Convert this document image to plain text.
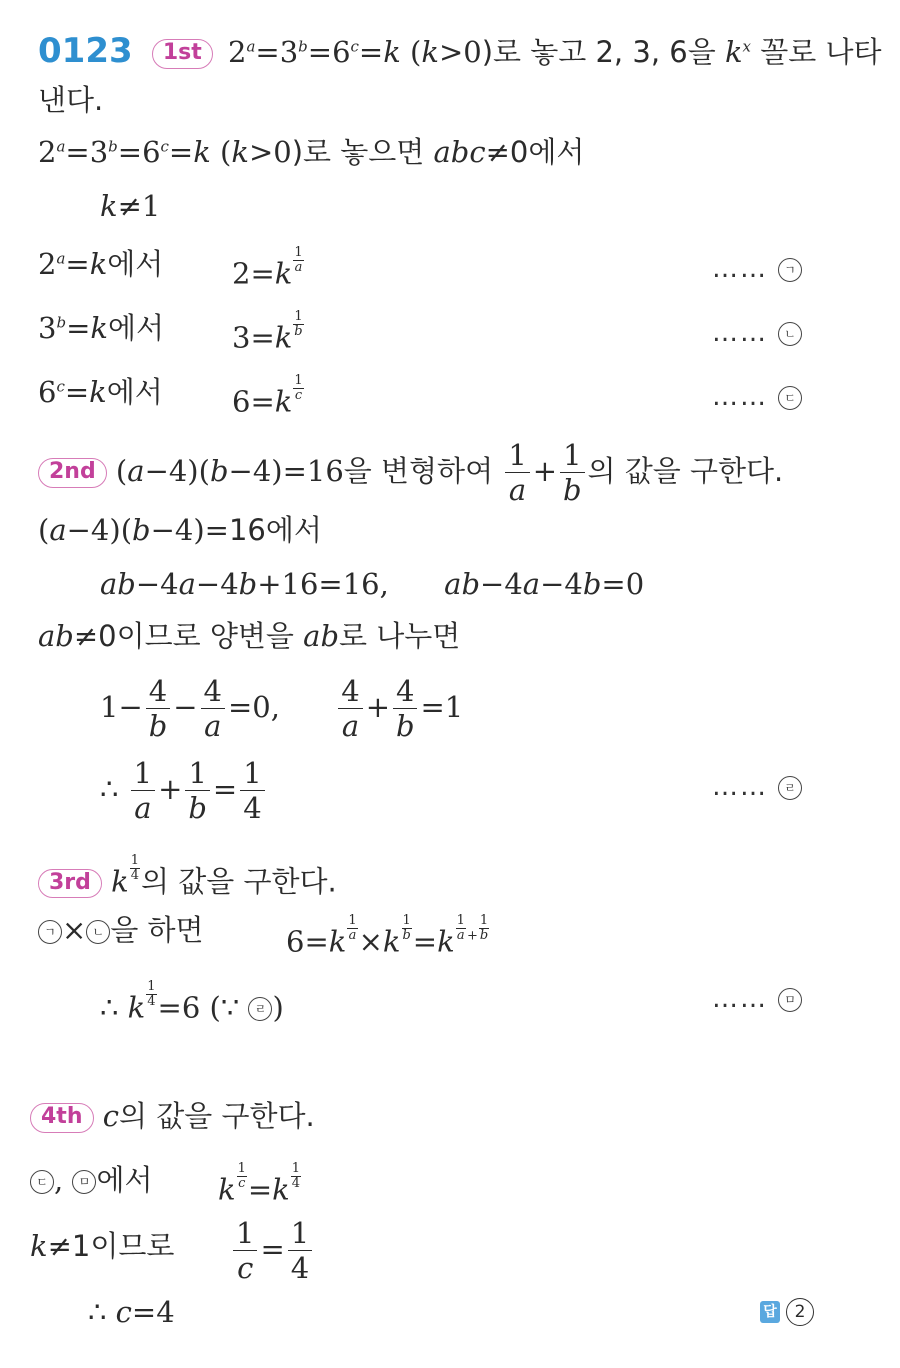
0123 1st $2^a=3^b=6^c=k$ (k>0)로 놓고 2, 3, 6을 $k^x$ 꼴로 나타
낸다.
$2^a=3^b=6^c=k$ (k>0)로 놓으면 abc≠0에서
k≠1
$2^a=k$에서 $2=k \frac{1}{a}$	…… ㄱ
$3^b=k$에서 $3=k \frac{1}{b}$	…… ㄴ
$6^c=k$에서 $6=k \frac{1}{c}$	…… ㄷ
2nd (a−4)(b−4)=16을 변형하여 $\frac{1}{a} + \frac{1}{b}$ 의 값을 구한다.
(a−4)(b−4)=16에서
ab−4a−4b+16=16,      ab−4a−4b=0
ab≠0이므로 양변을 ab로 나누면
$1- \frac{4}{b} - \frac{4}{a} =0$, $\frac{4}{a} + \frac{4}{b} =1$
∴ $\frac{1}{a} + \frac{1}{b} = \frac{1}{4}$	…… ㄹ
3rd k $\frac{1}{4}$ 의 값을 구한다.
ㄱ × ㄴ 을 하면	$6=k \frac{1}{a} \times k \frac{1}{b} =k \frac{1}{a} ^+ \frac{1}{b}$
∴ k $\frac{1}{4} =6$ (∵ ㄹ )	…… ㅁ
4th c의 값을 구한다.
ㄷ , ㅁ 에서 k $\frac{1}{c} =k \frac{1}{4}$
k≠1이므로 $\frac{1}{c} = \frac{1}{4}$
∴ c=4	답 2
